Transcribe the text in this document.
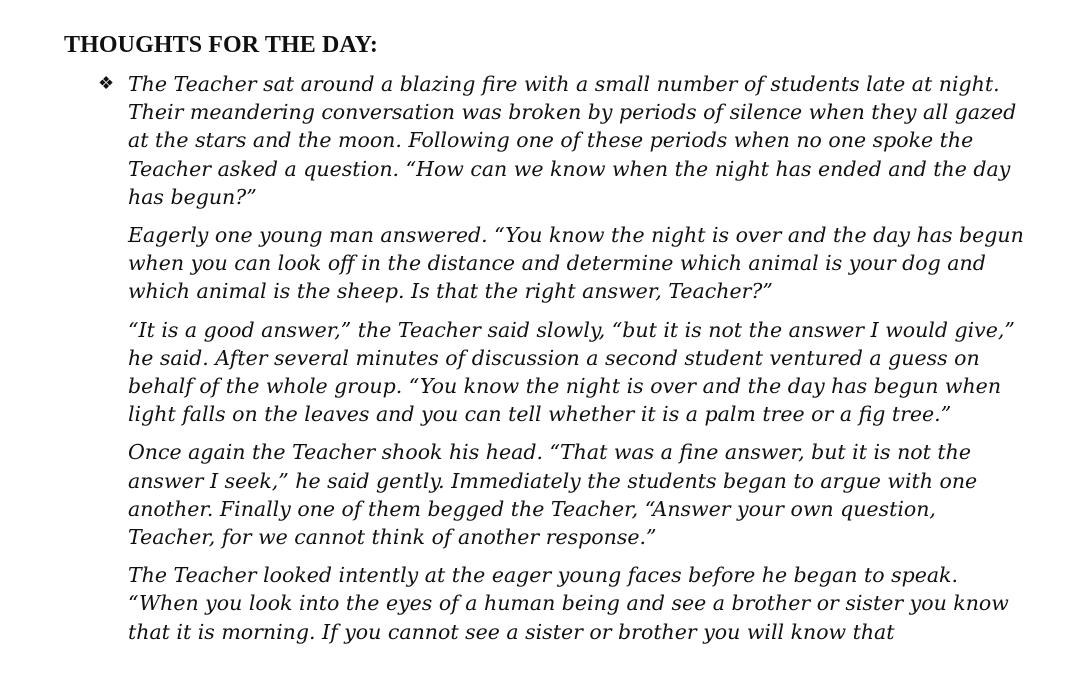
THOUGHTS FOR THE DAY:

❖ The Teacher sat around a blazing fire with a small number of students late at night. Their meandering conversation was broken by periods of silence when they all gazed at the stars and the moon. Following one of these periods when no one spoke the Teacher asked a question. “How can we know when the night has ended and the day has begun?”

Eagerly one young man answered. “You know the night is over and the day has begun when you can look off in the distance and determine which animal is your dog and which animal is the sheep. Is that the right answer, Teacher?”

“It is a good answer,” the Teacher said slowly, “but it is not the answer I would give,” he said. After several minutes of discussion a second student ventured a guess on behalf of the whole group. “You know the night is over and the day has begun when light falls on the leaves and you can tell whether it is a palm tree or a fig tree.”

Once again the Teacher shook his head. “That was a fine answer, but it is not the answer I seek,” he said gently. Immediately the students began to argue with one another. Finally one of them begged the Teacher, “Answer your own question, Teacher, for we cannot think of another response.”

The Teacher looked intently at the eager young faces before he began to speak. “When you look into the eyes of a human being and see a brother or sister you know that it is morning. If you cannot see a sister or brother you will know that
